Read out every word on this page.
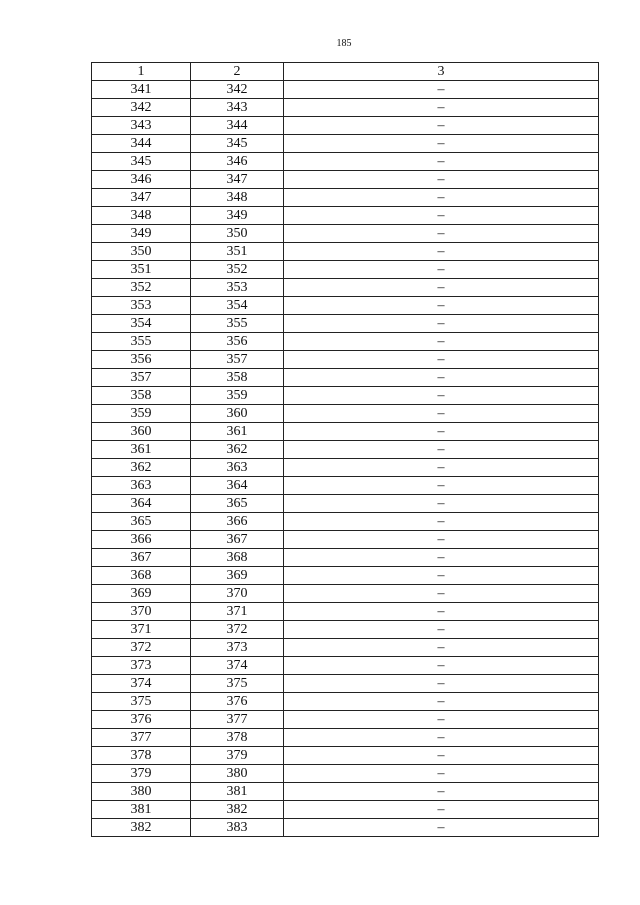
185
1	2	3
341	342	–
342	343	–
343	344	–
344	345	–
345	346	–
346	347	–
347	348	–
348	349	–
349	350	–
350	351	–
351	352	–
352	353	–
353	354	–
354	355	–
355	356	–
356	357	–
357	358	–
358	359	–
359	360	–
360	361	–
361	362	–
362	363	–
363	364	–
364	365	–
365	366	–
366	367	–
367	368	–
368	369	–
369	370	–
370	371	–
371	372	–
372	373	–
373	374	–
374	375	–
375	376	–
376	377	–
377	378	–
378	379	–
379	380	–
380	381	–
381	382	–
382	383	–
